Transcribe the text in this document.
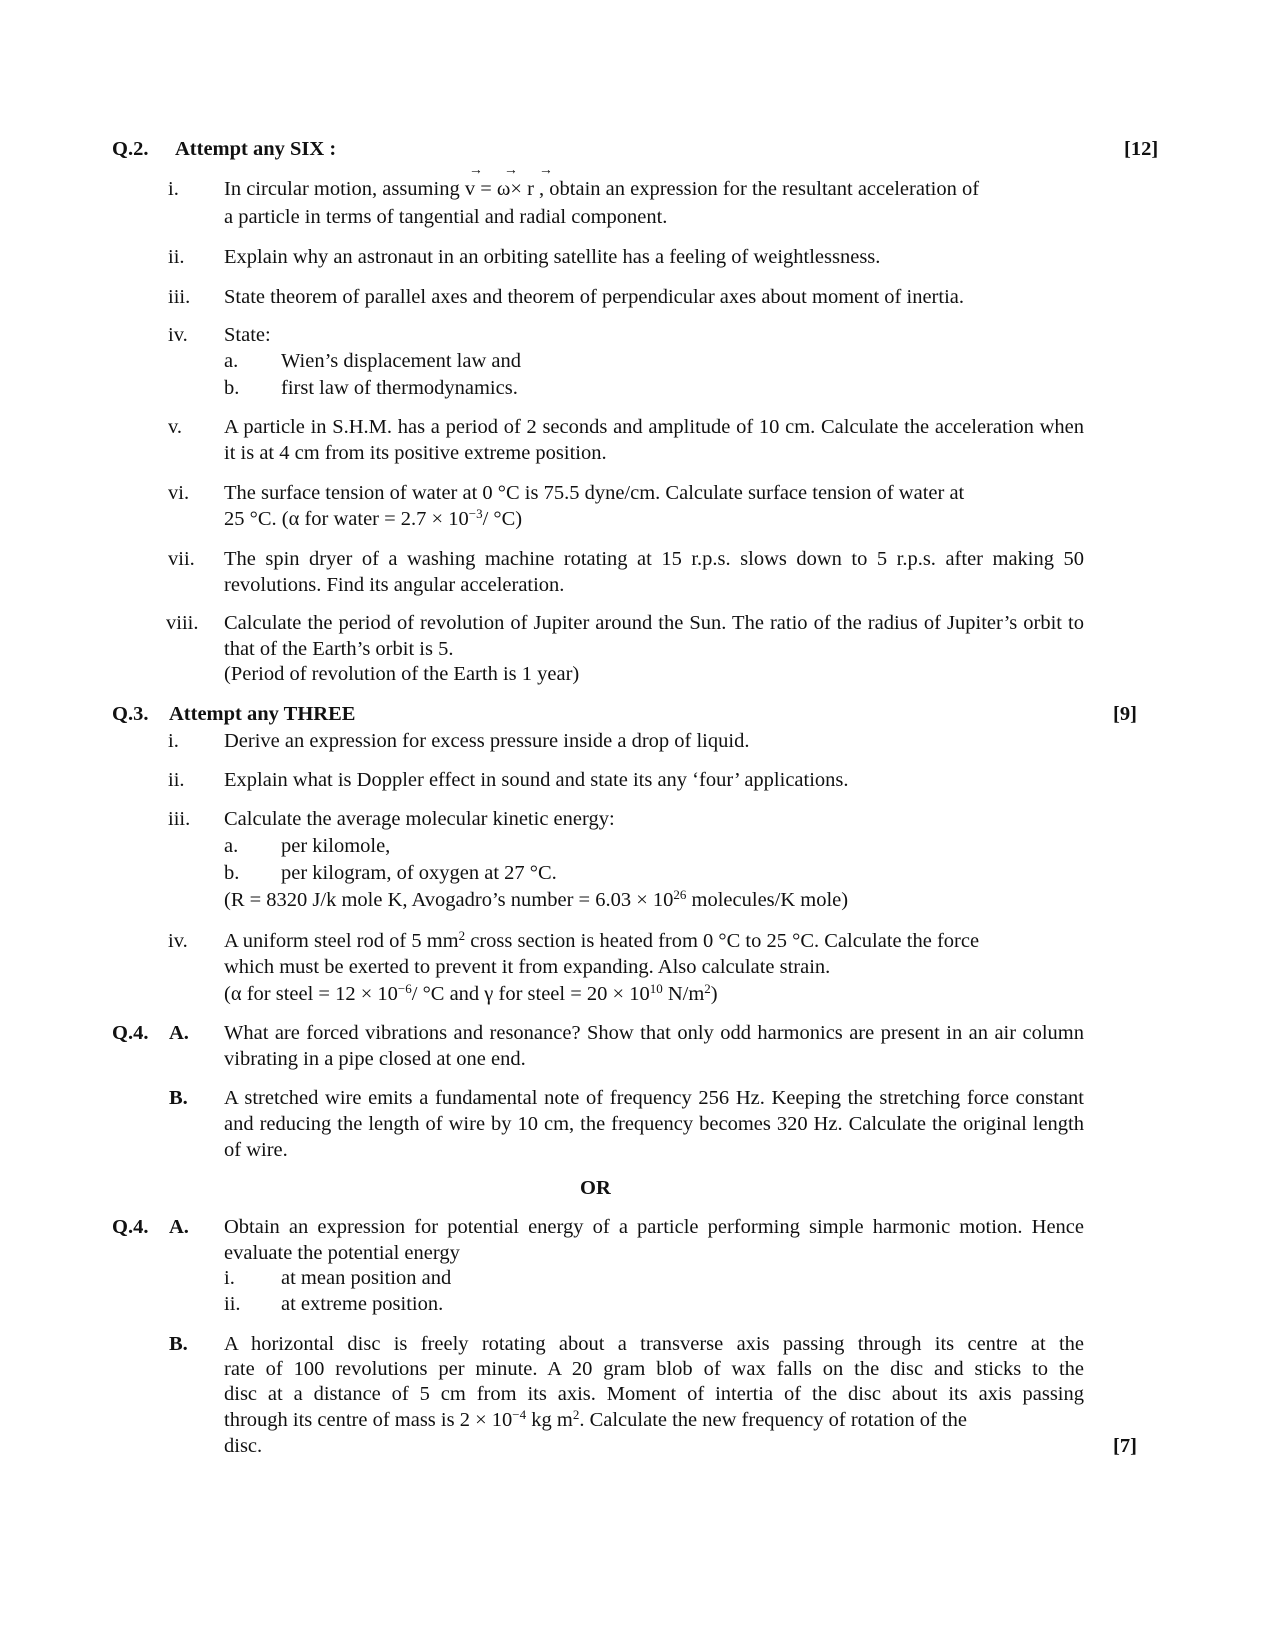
Q.2. Attempt any SIX :	[12]
i. In circular motion, assuming
→      →      →
v = ω× r , obtain an expression for the resultant acceleration of
a particle in terms of tangential and radial component.
ii. Explain why an astronaut in an orbiting satellite has a feeling of weightlessness.
iii. State theorem of parallel axes and theorem of perpendicular axes about moment of inertia.
iv. State:
a. Wien’s displacement law and
b. first law of thermodynamics.
v. A particle in S.H.M. has a period of 2 seconds and amplitude of 10 cm. Calculate the acceleration when it is at 4 cm from its positive extreme position.
vi. The surface tension of water at 0 °C is 75.5 dyne/cm. Calculate surface tension of water at
25 °C. (α for water = $2.7 \times 10^{-3}/$ °C)
vii. The spin dryer of a washing machine rotating at 15 r.p.s. slows down to 5 r.p.s. after making 50 revolutions. Find its angular acceleration.
viii. Calculate the period of revolution of Jupiter around the Sun. The ratio of the radius of Jupiter’s orbit to that of the Earth’s orbit is 5.
(Period of revolution of the Earth is 1 year)
Q.3. Attempt any THREE	[9]
i. Derive an expression for excess pressure inside a drop of liquid.
ii. Explain what is Doppler effect in sound and state its any ‘four’ applications.
iii. Calculate the average molecular kinetic energy:
a. per kilomole,
b. per kilogram, of oxygen at 27 °C.
(R = 8320 J/k mole K, Avogadro’s number = $6.03 \times 10^{26}$ molecules/K mole)
iv. A uniform steel rod of 5 $mm^2$ cross section is heated from 0 °C to 25 °C. Calculate the force
which must be exerted to prevent it from expanding. Also calculate strain.
(α for steel = $12 \times 10^{-6}/$ °C and γ for steel = $20 \times 10^{10}$ $N/m^2$)
Q.4. A. What are forced vibrations and resonance? Show that only odd harmonics are present in an air column vibrating in a pipe closed at one end.
B. A stretched wire emits a fundamental note of frequency 256 Hz. Keeping the stretching force constant and reducing the length of wire by 10 cm, the frequency becomes 320 Hz. Calculate the original length of wire.
OR
Q.4. A. Obtain an expression for potential energy of a particle performing simple harmonic motion. Hence evaluate the potential energy
i. at mean position and
ii. at extreme position.
B. A horizontal disc is freely rotating about a transverse axis passing through its centre at the
rate of 100 revolutions per minute. A 20 gram blob of wax falls on the disc and sticks to the
disc at a distance of 5 cm from its axis. Moment of intertia of the disc about its axis passing
through its centre of mass is $2 \times 10^{-4}$ kg $m^2$. Calculate the new frequency of rotation of the
disc.	[7]
